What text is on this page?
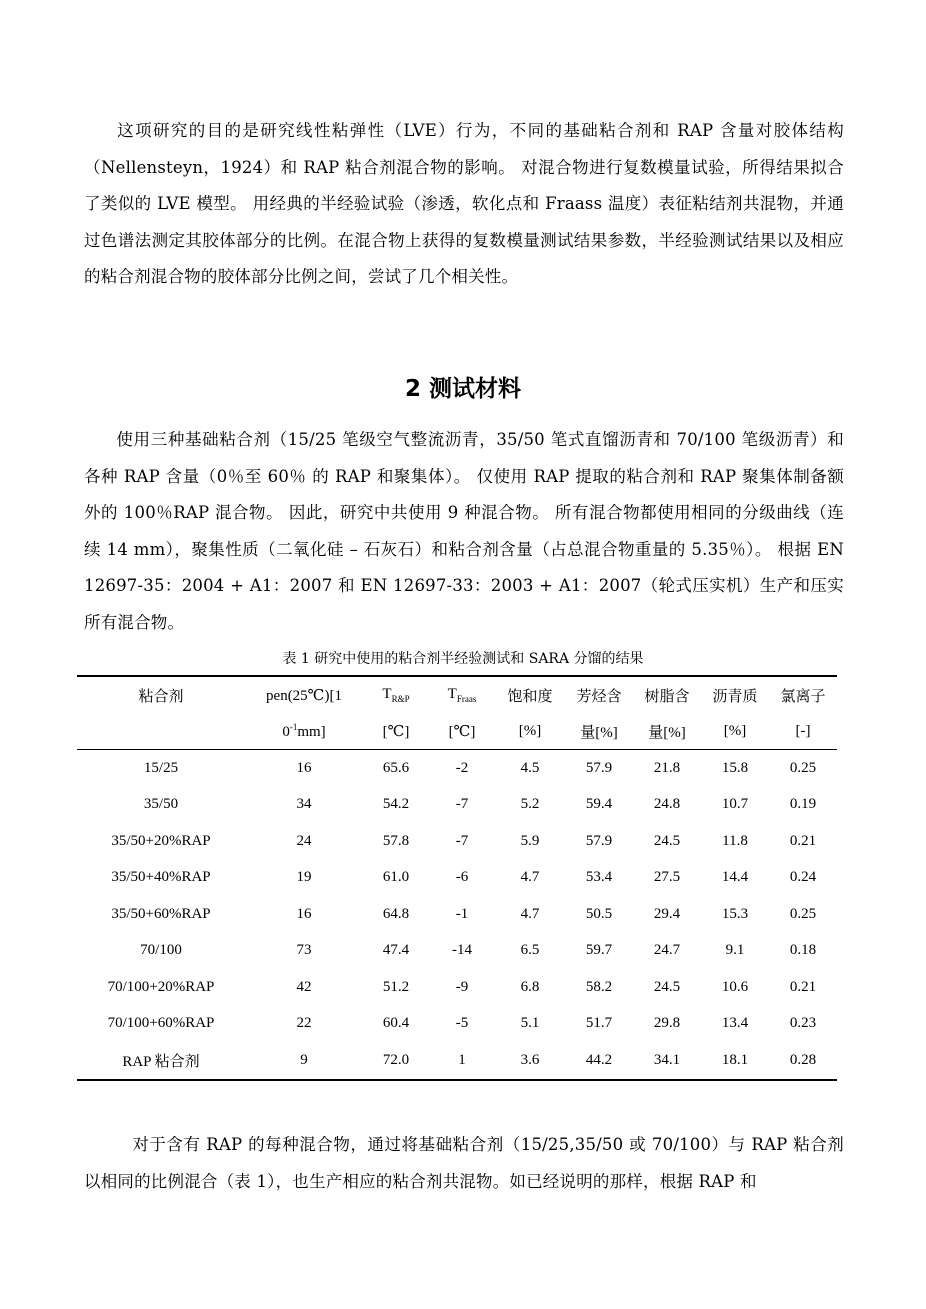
这项研究的目的是研究线性粘弹性（LVE）行为，不同的基础粘合剂和 RAP 含量对胶体结构（Nellensteyn，1924）和 RAP 粘合剂混合物的影响。 对混合物进行复数模量试验，所得结果拟合了类似的 LVE 模型。 用经典的半经验试验（渗透，软化点和 Fraass 温度）表征粘结剂共混物，并通过色谱法测定其胶体部分的比例。在混合物上获得的复数模量测试结果参数，半经验测试结果以及相应的粘合剂混合物的胶体部分比例之间，尝试了几个相关性。
2 测试材料
使用三种基础粘合剂（15/25 笔级空气整流沥青，35/50 笔式直馏沥青和 70/100 笔级沥青）和各种 RAP 含量（0％至 60％ 的 RAP 和聚集体）。 仅使用 RAP 提取的粘合剂和 RAP 聚集体制备额外的 100％RAP 混合物。 因此，研究中共使用 9 种混合物。 所有混合物都使用相同的分级曲线（连续 14 mm），聚集性质（二氧化硅 – 石灰石）和粘合剂含量（占总混合物重量的 5.35％）。 根据 EN 12697-35：2004 + A1：2007 和 EN 12697-33：2003 + A1：2007（轮式压实机）生产和压实所有混合物。
表 1 研究中使用的粘合剂半经验测试和 SARA 分馏的结果
粘合剂	pen(25℃)[1	$T_{R\&P}$	$T_{Fraas}$	饱和度	芳烃含	树脂含	沥青质	氯离子
	$0^{-1}mm$]	[℃]	[℃]	[%]	量[%]	量[%]	[%]	[-]
15/25	16	65.6	-2	4.5	57.9	21.8	15.8	0.25
35/50	34	54.2	-7	5.2	59.4	24.8	10.7	0.19
35/50+20%RAP	24	57.8	-7	5.9	57.9	24.5	11.8	0.21
35/50+40%RAP	19	61.0	-6	4.7	53.4	27.5	14.4	0.24
35/50+60%RAP	16	64.8	-1	4.7	50.5	29.4	15.3	0.25
70/100	73	47.4	-14	6.5	59.7	24.7	9.1	0.18
70/100+20%RAP	42	51.2	-9	6.8	58.2	24.5	10.6	0.21
70/100+60%RAP	22	60.4	-5	5.1	51.7	29.8	13.4	0.23
RAP 粘合剂	9	72.0	1	3.6	44.2	34.1	18.1	0.28
对于含有 RAP 的每种混合物，通过将基础粘合剂（15/25,35/50 或 70/100）与 RAP 粘合剂以相同的比例混合（表 1），也生产相应的粘合剂共混物。如已经说明的那样，根据 RAP 和
